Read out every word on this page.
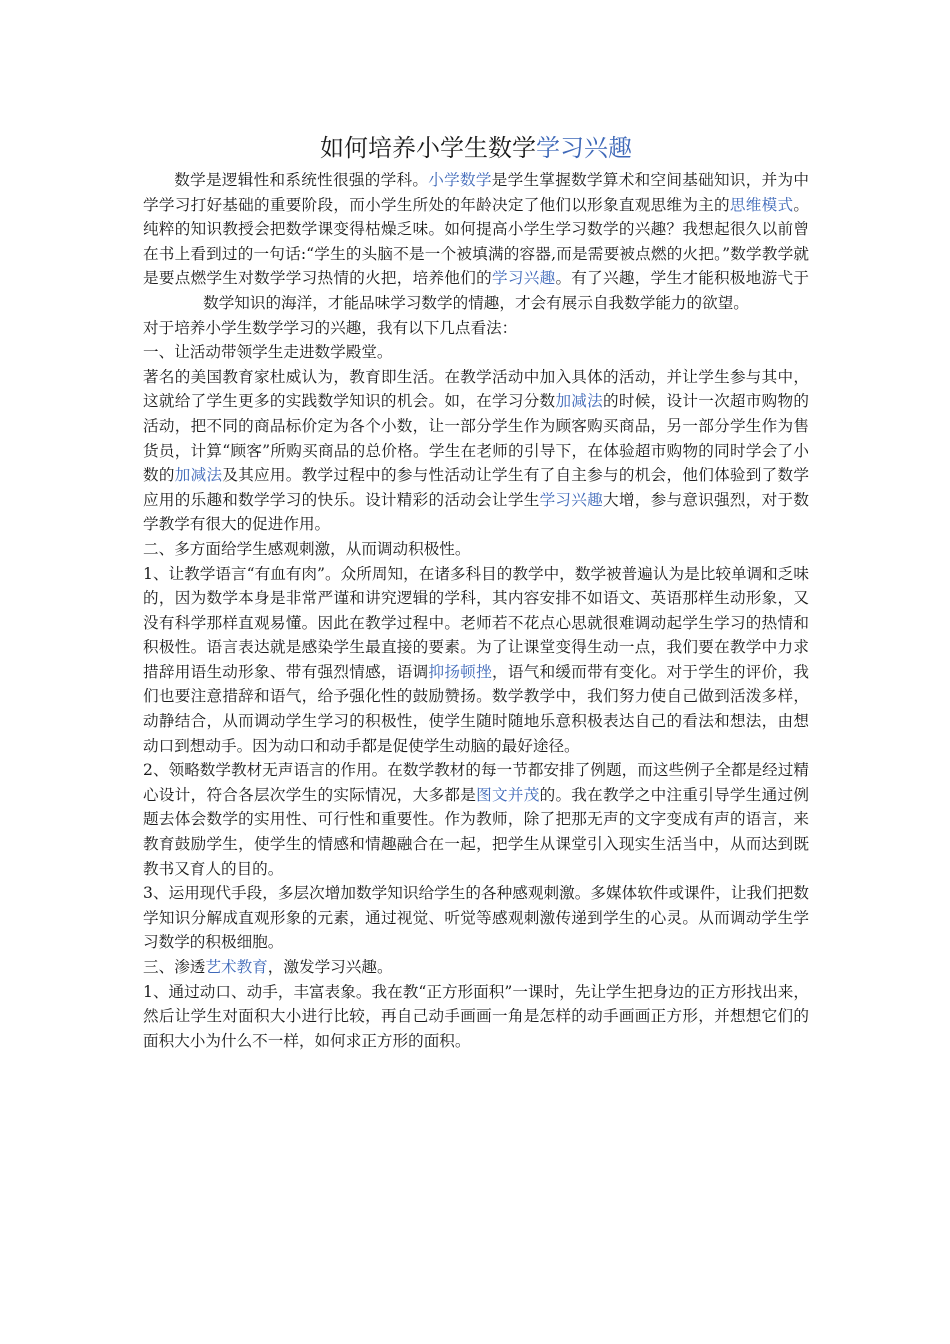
如何培养小学生数学学习兴趣

数学是逻辑性和系统性很强的学科。小学数学是学生掌握数学算术和空间基础知识，并为中学学习打好基础的重要阶段，而小学生所处的年龄决定了他们以形象直观思维为主的思维模式。纯粹的知识教授会把数学课变得枯燥乏味。如何提高小学生学习数学的兴趣？我想起很久以前曾在书上看到过的一句话:“学生的头脑不是一个被填满的容器,而是需要被点燃的火把。”数学教学就是要点燃学生对数学学习热情的火把，培养他们的学习兴趣。有了兴趣，学生才能积极地游弋于数学知识的海洋，才能品味学习数学的情趣，才会有展示自我数学能力的欲望。

对于培养小学生数学学习的兴趣，我有以下几点看法：

一、让活动带领学生走进数学殿堂。

著名的美国教育家杜威认为，教育即生活。在教学活动中加入具体的活动，并让学生参与其中，这就给了学生更多的实践数学知识的机会。如，在学习分数加减法的时候，设计一次超市购物的活动，把不同的商品标价定为各个小数，让一部分学生作为顾客购买商品，另一部分学生作为售货员，计算“顾客”所购买商品的总价格。学生在老师的引导下，在体验超市购物的同时学会了小数的加减法及其应用。教学过程中的参与性活动让学生有了自主参与的机会，他们体验到了数学应用的乐趣和数学学习的快乐。设计精彩的活动会让学生学习兴趣大增，参与意识强烈，对于数学教学有很大的促进作用。

二、多方面给学生感观刺激，从而调动积极性。

1、让教学语言“有血有肉”。众所周知，在诸多科目的教学中，数学被普遍认为是比较单调和乏味的，因为数学本身是非常严谨和讲究逻辑的学科，其内容安排不如语文、英语那样生动形象，又没有科学那样直观易懂。因此在教学过程中。老师若不花点心思就很难调动起学生学习的热情和积极性。语言表达就是感染学生最直接的要素。为了让课堂变得生动一点，我们要在教学中力求措辞用语生动形象、带有强烈情感，语调抑扬顿挫，语气和缓而带有变化。对于学生的评价，我们也要注意措辞和语气，给予强化性的鼓励赞扬。数学教学中，我们努力使自己做到活泼多样，动静结合，从而调动学生学习的积极性，使学生随时随地乐意积极表达自己的看法和想法，由想动口到想动手。因为动口和动手都是促使学生动脑的最好途径。

2、领略数学教材无声语言的作用。在数学教材的每一节都安排了例题，而这些例子全都是经过精心设计，符合各层次学生的实际情况，大多都是图文并茂的。我在教学之中注重引导学生通过例题去体会数学的实用性、可行性和重要性。作为教师，除了把那无声的文字变成有声的语言，来教育鼓励学生，使学生的情感和情趣融合在一起，把学生从课堂引入现实生活当中，从而达到既教书又育人的目的。

3、运用现代手段，多层次增加数学知识给学生的各种感观刺激。多媒体软件或课件，让我们把数学知识分解成直观形象的元素，通过视觉、听觉等感观刺激传递到学生的心灵。从而调动学生学习数学的积极细胞。

三、渗透艺术教育，激发学习兴趣。

1、通过动口、动手，丰富表象。我在教“正方形面积”一课时，先让学生把身边的正方形找出来，然后让学生对面积大小进行比较，再自己动手画画一角是怎样的动手画画正方形，并想想它们的面积大小为什么不一样，如何求正方形的面积。
